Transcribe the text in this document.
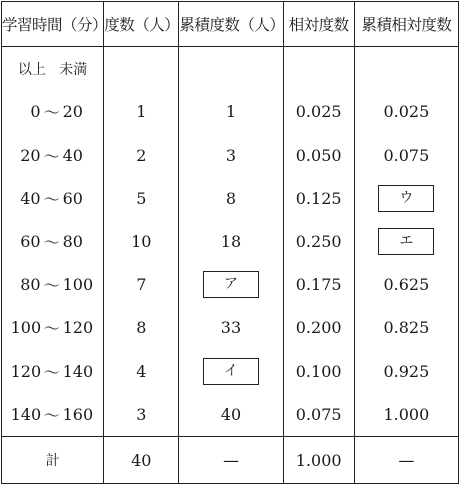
学習時間（分）	度数（人）	累積度数（人）	相対度数	累積相対度数
以上 未満				

0 ～ 20	1	1	0.025	0.025

20 ～ 40	2	3	0.050	0.075

40 ～ 60	5	8	0.125	ウ

60 ～ 80	10	18	0.250	エ

80 ～ 100	7	ア	0.175	0.625

100 ～ 120	8	33	0.200	0.825

120 ～ 140	4	イ	0.100	0.925

140 ～ 160	3	40	0.075	1.000
計	40	—	1.000	—
